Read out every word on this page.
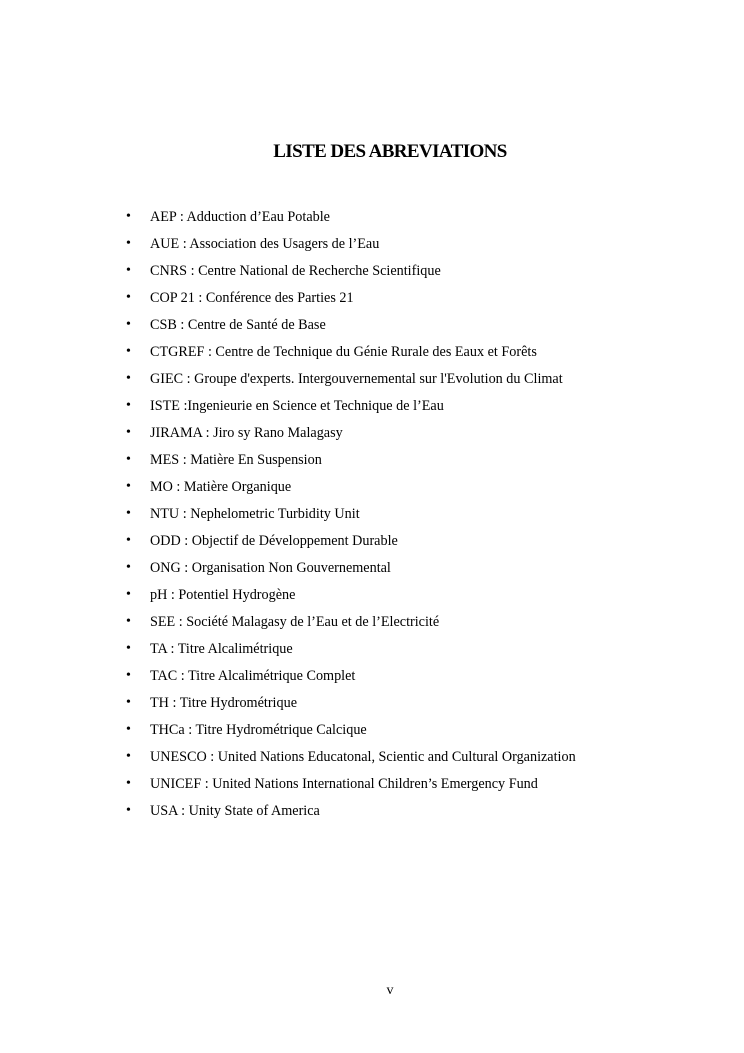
LISTE DES ABREVIATIONS
•	AEP : Adduction d’Eau Potable
•	AUE : Association des Usagers de l’Eau
•	CNRS : Centre National de Recherche Scientifique
•	COP 21 : Conférence des Parties 21
•	CSB : Centre de Santé de Base
•	CTGREF : Centre de Technique du Génie Rurale des Eaux et Forêts
•	GIEC : Groupe d'experts. Intergouvernemental sur l'Evolution du Climat
•	ISTE :Ingenieurie en Science et Technique de l’Eau
•	JIRAMA : Jiro sy Rano Malagasy
•	MES : Matière En Suspension
•	MO : Matière Organique
•	NTU : Nephelometric Turbidity Unit
•	ODD : Objectif de Développement Durable
•	ONG : Organisation Non Gouvernemental
•	pH : Potentiel Hydrogène
•	SEE : Société Malagasy de l’Eau et de l’Electricité
•	TA : Titre Alcalimétrique
•	TAC : Titre Alcalimétrique Complet
•	TH : Titre Hydrométrique
•	THCa : Titre Hydrométrique Calcique
•	UNESCO : United Nations Educatonal, Scientic and Cultural Organization
•	UNICEF : United Nations International Children’s Emergency Fund
•	USA : Unity State of America
v
